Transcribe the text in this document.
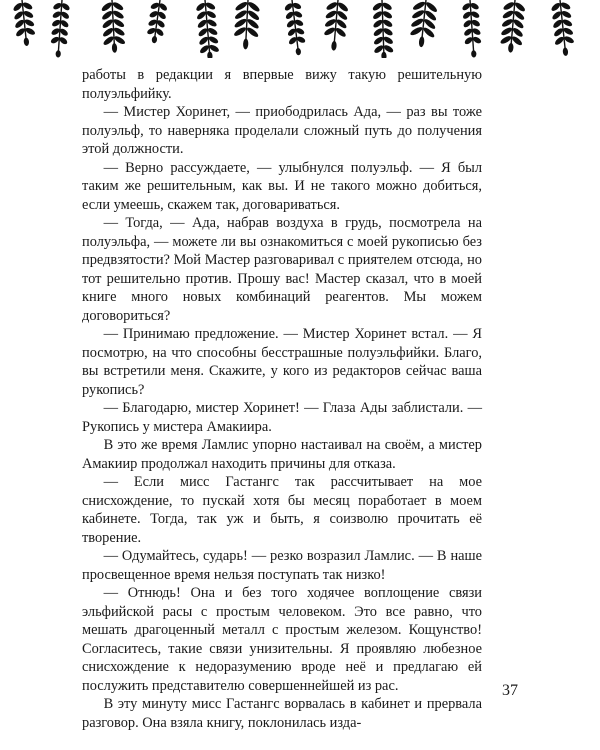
работы в редакции я впервые вижу такую решительную полуэльфийку.

— Мистер Хоринет, — приободрилась Ада, — раз вы тоже полуэльф, то наверняка проделали сложный путь до получения этой должности.

— Верно рассуждаете, — улыбнулся полуэльф. — Я был таким же решительным, как вы. И не такого можно добиться, если умеешь, скажем так, договариваться.

— Тогда, — Ада, набрав воздуха в грудь, посмотрела на полуэльфа, — можете ли вы ознакомиться с моей рукописью без предвзятости? Мой Мастер разговаривал с приятелем отсюда, но тот решительно против. Прошу вас! Мастер сказал, что в моей книге много новых комбинаций реагентов. Мы можем договориться?

— Принимаю предложение. — Мистер Хоринет встал. — Я посмотрю, на что способны бесстрашные полуэльфийки. Благо, вы встретили меня. Скажите, у кого из редакторов сейчас ваша рукопись?

— Благодарю, мистер Хоринет! — Глаза Ады заблистали. — Рукопись у мистера Амакиира.

В это же время Ламлис упорно настаивал на своём, а мистер Амакиир продолжал находить причины для отказа.

— Если мисс Гастангс так рассчитывает на мое снисхождение, то пускай хотя бы месяц поработает в моем кабинете. Тогда, так уж и быть, я соизволю прочитать её творение.

— Одумайтесь, сударь! — резко возразил Ламлис. — В наше просвещенное время нельзя поступать так низко!

— Отнюдь! Она и без того ходячее воплощение связи эльфийской расы с простым человеком. Это все равно, что мешать драгоценный металл с простым железом. Кощунство! Согласитесь, такие связи унизительны. Я проявляю любезное снисхождение к недоразумению вроде неё и предлагаю ей послужить представителю совершеннейшей из рас.

В эту минуту мисс Гастангс ворвалась в кабинет и прервала разговор. Она взяла книгу, поклонилась изда-

37
